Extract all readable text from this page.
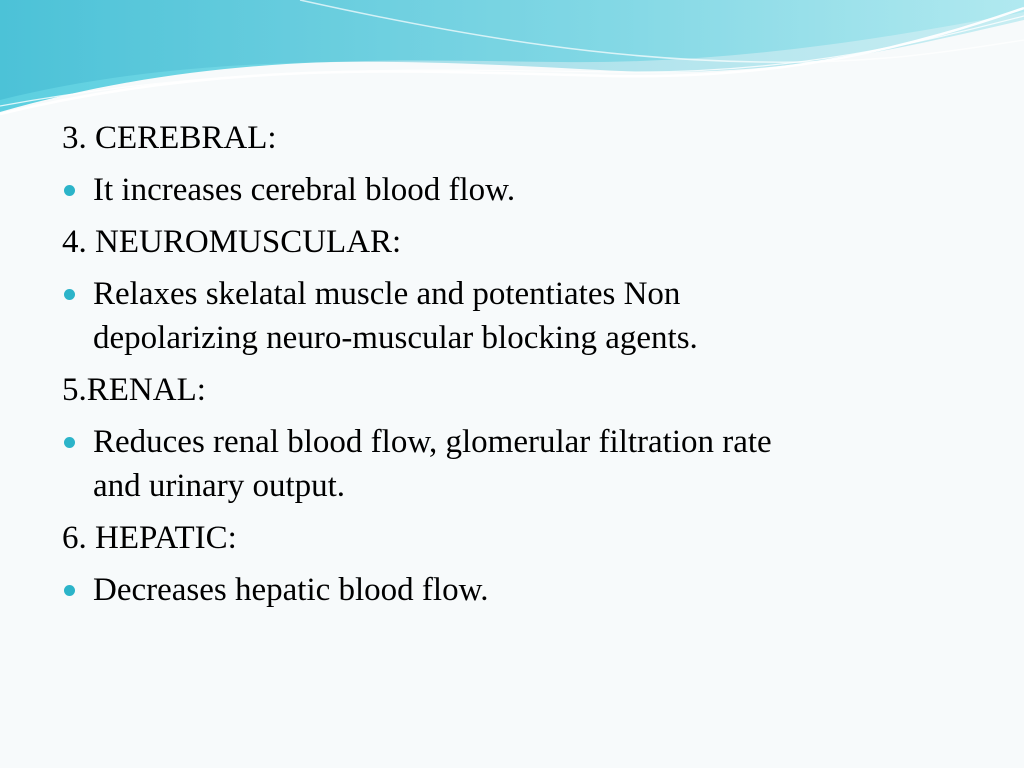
3. CEREBRAL:

It increases cerebral blood flow.

4. NEUROMUSCULAR:

Relaxes skelatal muscle and potentiates Non

depolarizing neuro-muscular blocking agents.

5.RENAL:

Reduces renal blood flow, glomerular filtration rate

and urinary output.

6. HEPATIC:

Decreases hepatic blood flow.
